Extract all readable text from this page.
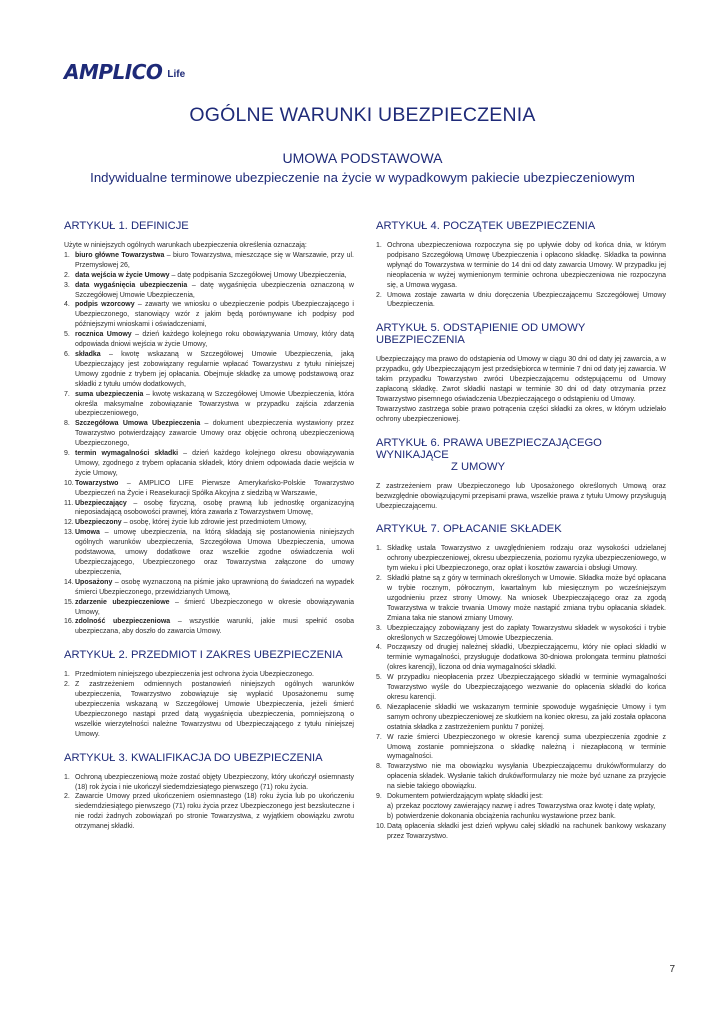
AMPLICO Life
OGÓLNE WARUNKI UBEZPIECZENIA
UMOWA PODSTAWOWA
Indywidualne terminowe ubezpieczenie na życie w wypadkowym pakiecie ubezpieczeniowym
ARTYKUŁ 1. DEFINICJE
Użyte w niniejszych ogólnych warunkach ubezpieczenia określenia oznaczają:
1. biuro główne Towarzystwa – biuro Towarzystwa, mieszczące się w Warszawie, przy ul. Przemysłowej 26,
2. data wejścia w życie Umowy – datę podpisania Szczegółowej Umowy Ubezpieczenia,
3. data wygaśnięcia ubezpieczenia – datę wygaśnięcia ubezpieczenia oznaczoną w Szczegółowej Umowie Ubezpieczenia,
4. podpis wzorcowy – zawarty we wniosku o ubezpieczenie podpis Ubezpieczającego i Ubezpieczonego, stanowiący wzór z jakim będą porównywane ich podpisy pod późniejszymi wnioskami i oświadczeniami,
5. rocznica Umowy – dzień każdego kolejnego roku obowiązywania Umowy, który datą odpowiada dniowi wejścia w życie Umowy,
6. składka – kwotę wskazaną w Szczegółowej Umowie Ubezpieczenia, jaką Ubezpieczający jest zobowiązany regularnie wpłacać Towarzystwu z tytułu niniejszej Umowy zgodnie z trybem jej opłacania. Obejmuje składkę za umowę podstawową oraz składki z tytułu umów dodatkowych,
7. suma ubezpieczenia – kwotę wskazaną w Szczegółowej Umowie Ubezpieczenia, która określa maksymalne zobowiązanie Towarzystwa w przypadku zajścia zdarzenia ubezpieczeniowego,
8. Szczegółowa Umowa Ubezpieczenia – dokument ubezpieczenia wystawiony przez Towarzystwo potwierdzający zawarcie Umowy oraz objęcie ochroną ubezpieczeniową Ubezpieczonego,
9. termin wymagalności składki – dzień każdego kolejnego okresu obowiązywania Umowy, zgodnego z trybem opłacania składek, który dniem odpowiada dacie wejścia w życie Umowy,
10. Towarzystwo – AMPLICO LIFE Pierwsze Amerykańsko-Polskie Towarzystwo Ubezpieczeń na Życie i Reasekuracji Spółka Akcyjna z siedzibą w Warszawie,
11. Ubezpieczający – osobę fizyczną, osobę prawną lub jednostkę organizacyjną nieposiadającą osobowości prawnej, która zawarła z Towarzystwem Umowę,
12. Ubezpieczony – osobę, której życie lub zdrowie jest przedmiotem Umowy,
13. Umowa – umowę ubezpieczenia, na którą składają się postanowienia niniejszych ogólnych warunków ubezpieczenia, Szczegółowa Umowa Ubezpieczenia, umowa podstawowa, umowy dodatkowe oraz wszelkie zgodne oświadczenia woli Ubezpieczającego, Ubezpieczonego oraz Towarzystwa załączone do umowy ubezpieczenia,
14. Uposażony – osobę wyznaczoną na piśmie jako uprawnioną do świadczeń na wypadek śmierci Ubezpieczonego, przewidzianych Umową,
15. zdarzenie ubezpieczeniowe – śmierć Ubezpieczonego w okresie obowiązywania Umowy,
16. zdolność ubezpieczeniowa – wszystkie warunki, jakie musi spełnić osoba ubezpieczana, aby doszło do zawarcia Umowy.
ARTYKUŁ 2. PRZEDMIOT I ZAKRES UBEZPIECZENIA
1. Przedmiotem niniejszego ubezpieczenia jest ochrona życia Ubezpieczonego.
2. Z zastrzeżeniem odmiennych postanowień niniejszych ogólnych warunków ubezpieczenia, Towarzystwo zobowiązuje się wypłacić Uposażonemu sumę ubezpieczenia wskazaną w Szczegółowej Umowie Ubezpieczenia, jeżeli śmierć Ubezpieczonego nastąpi przed datą wygaśnięcia ubezpieczenia, pomniejszoną o wszelkie wierzytelności należne Towarzystwu od Ubezpieczającego z tytułu niniejszej Umowy.
ARTYKUŁ 3. KWALIFIKACJA DO UBEZPIECZENIA
1. Ochroną ubezpieczeniową może zostać objęty Ubezpieczony, który ukończył osiemnasty (18) rok życia i nie ukończył siedemdziesiątego pierwszego (71) roku życia.
2. Zawarcie Umowy przed ukończeniem osiemnastego (18) roku życia lub po ukończeniu siedemdziesiątego pierwszego (71) roku życia przez Ubezpieczonego jest bezskuteczne i nie rodzi żadnych zobowiązań po stronie Towarzystwa, z wyjątkiem obowiązku zwrotu otrzymanej składki.
ARTYKUŁ 4. POCZĄTEK UBEZPIECZENIA
1. Ochrona ubezpieczeniowa rozpoczyna się po upływie doby od końca dnia, w którym podpisano Szczegółową Umowę Ubezpieczenia i opłacono składkę. Składka ta powinna wpłynąć do Towarzystwa w terminie do 14 dni od daty zawarcia Umowy. W przypadku jej nieopłacenia w wyżej wymienionym terminie ochrona ubezpieczeniowa nie rozpoczyna się, a Umowa wygasa.
2. Umowa zostaje zawarta w dniu doręczenia Ubezpieczającemu Szczegółowej Umowy Ubezpieczenia.
ARTYKUŁ 5. ODSTĄPIENIE OD UMOWY UBEZPIECZENIA
Ubezpieczający ma prawo do odstąpienia od Umowy w ciągu 30 dni od daty jej zawarcia, a w przypadku, gdy Ubezpieczającym jest przedsiębiorca w terminie 7 dni od daty jej zawarcia. W takim przypadku Towarzystwo zwróci Ubezpieczającemu odstępującemu od Umowy zapłaconą składkę. Zwrot składki nastąpi w terminie 30 dni od daty otrzymania przez Towarzystwo pisemnego oświadczenia Ubezpieczającego o odstąpieniu od Umowy.
Towarzystwo zastrzega sobie prawo potrącenia części składki za okres, w którym udzielało ochrony ubezpieczeniowej.
ARTYKUŁ 6. PRAWA UBEZPIECZAJĄCEGO WYNIKAJĄCE
Z UMOWY
Z zastrzeżeniem praw Ubezpieczonego lub Uposażonego określonych Umową oraz bezwzględnie obowiązującymi przepisami prawa, wszelkie prawa z tytułu Umowy przysługują Ubezpieczającemu.
ARTYKUŁ 7. OPŁACANIE SKŁADEK
1. Składkę ustala Towarzystwo z uwzględnieniem rodzaju oraz wysokości udzielanej ochrony ubezpieczeniowej, okresu ubezpieczenia, poziomu ryzyka ubezpieczeniowego, w tym wieku i płci Ubezpieczonego, oraz opłat i kosztów zawarcia i obsługi Umowy.
2. Składki płatne są z góry w terminach określonych w Umowie. Składka może być opłacana w trybie rocznym, półrocznym, kwartalnym lub miesięcznym po wcześniejszym uzgodnieniu przez strony Umowy. Na wniosek Ubezpieczającego oraz za zgodą Towarzystwa w trakcie trwania Umowy może nastąpić zmiana trybu opłacania składek. Zmiana taka nie stanowi zmiany Umowy.
3. Ubezpieczający zobowiązany jest do zapłaty Towarzystwu składek w wysokości i trybie określonych w Szczegółowej Umowie Ubezpieczenia.
4. Począwszy od drugiej należnej składki, Ubezpieczającemu, który nie opłaci składki w terminie wymagalności, przysługuje dodatkowa 30-dniowa prolongata terminu płatności (okres karencji), liczona od dnia wymagalności składki.
5. W przypadku nieopłacenia przez Ubezpieczającego składki w terminie wymagalności Towarzystwo wyśle do Ubezpieczającego wezwanie do opłacenia składki do końca okresu karencji.
6. Niezapłacenie składki we wskazanym terminie spowoduje wygaśnięcie Umowy i tym samym ochrony ubezpieczeniowej ze skutkiem na koniec okresu, za jaki została opłacona ostatnia składka z zastrzeżeniem punktu 7 poniżej.
7. W razie śmierci Ubezpieczonego w okresie karencji suma ubezpieczenia zgodnie z Umową zostanie pomniejszona o składkę należną i niezapłaconą w terminie wymagalności.
8. Towarzystwo nie ma obowiązku wysyłania Ubezpieczającemu druków/formularzy do opłacenia składek. Wysłanie takich druków/formularzy nie może być uznane za przyjęcie na siebie takiego obowiązku.
9. Dokumentem potwierdzającym wpłatę składki jest:
a) przekaz pocztowy zawierający nazwę i adres Towarzystwa oraz kwotę i datę wpłaty,
b) potwierdzenie dokonania obciążenia rachunku wystawione przez bank.
10. Datą opłacenia składki jest dzień wpływu całej składki na rachunek bankowy wskazany przez Towarzystwo.
7
